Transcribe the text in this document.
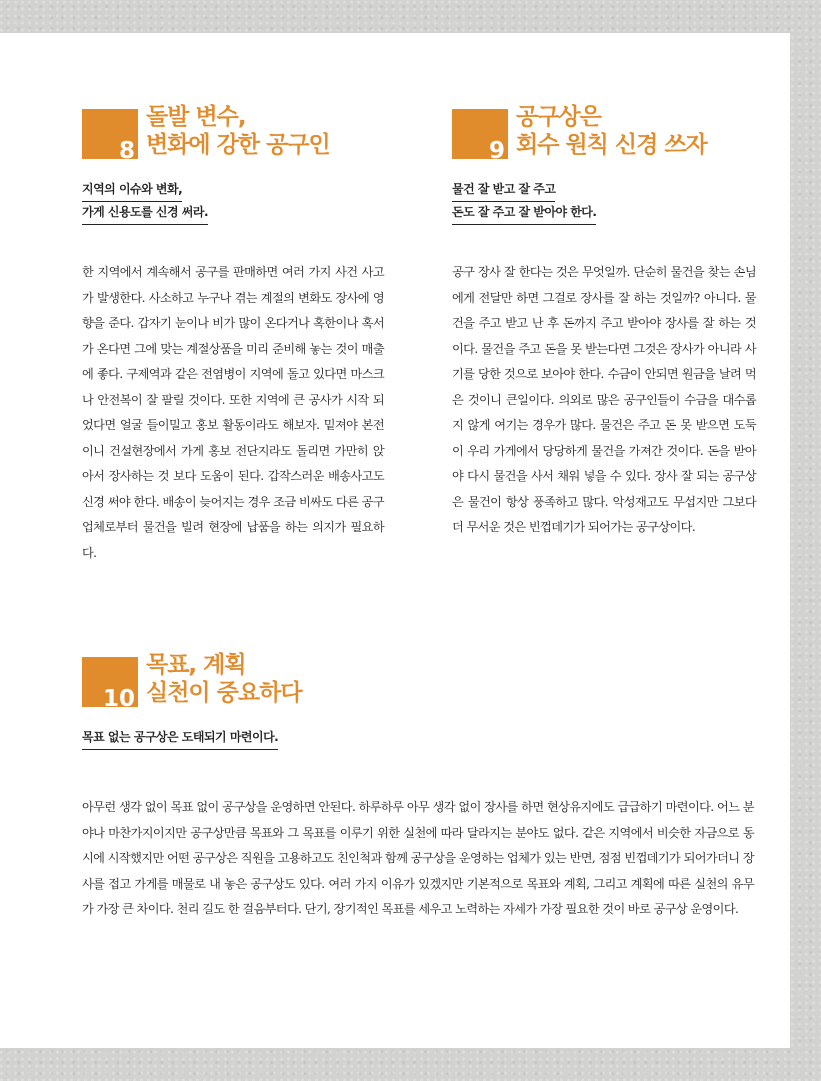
8
돌발 변수,
변화에 강한 공구인
지역의 이슈와 변화,
가게 신용도를 신경 써라.
한 지역에서 계속해서 공구를 판매하면 여러 가지 사건 사고가 발생한다. 사소하고 누구나 겪는 계절의 변화도 장사에 영향을 준다. 갑자기 눈이나 비가 많이 온다거나 혹한이나 혹서가 온다면 그에 맞는 계절상품을 미리 준비해 놓는 것이 매출에 좋다. 구제역과 같은 전염병이 지역에 돌고 있다면 마스크나 안전복이 잘 팔릴 것이다. 또한 지역에 큰 공사가 시작 되었다면 얼굴 들이밀고 홍보 활동이라도 해보자. 밑져야 본전이니 건설현장에서 가게 홍보 전단지라도 돌리면 가만히 앉아서 장사하는 것 보다 도움이 된다. 갑작스러운 배송사고도 신경 써야 한다. 배송이 늦어지는 경우 조금 비싸도 다른 공구업체로부터 물건을 빌려 현장에 납품을 하는 의지가 필요하다.
9
공구상은
회수 원칙 신경 쓰자
물건 잘 받고 잘 주고
돈도 잘 주고 잘 받아야 한다.
공구 장사 잘 한다는 것은 무엇일까. 단순히 물건을 찾는 손님에게 전달만 하면 그걸로 장사를 잘 하는 것일까? 아니다. 물건을 주고 받고 난 후 돈까지 주고 받아야 장사를 잘 하는 것이다. 물건을 주고 돈을 못 받는다면 그것은 장사가 아니라 사기를 당한 것으로 보아야 한다. 수금이 안되면 원금을 날려 먹은 것이니 큰일이다. 의외로 많은 공구인들이 수금을 대수롭지 않게 여기는 경우가 많다. 물건은 주고 돈 못 받으면 도둑이 우리 가게에서 당당하게 물건을 가져간 것이다. 돈을 받아야 다시 물건을 사서 채워 넣을 수 있다. 장사 잘 되는 공구상은 물건이 항상 풍족하고 많다. 악성재고도 무섭지만 그보다 더 무서운 것은 빈껍데기가 되어가는 공구상이다.
10
목표, 계획
실천이 중요하다
목표 없는 공구상은 도태되기 마련이다.
아무런 생각 없이 목표 없이 공구상을 운영하면 안된다. 하루하루 아무 생각 없이 장사를 하면 현상유지에도 급급하기 마련이다. 어느 분야나 마찬가지이지만 공구상만큼 목표와 그 목표를 이루기 위한 실천에 따라 달라지는 분야도 없다. 같은 지역에서 비슷한 자금으로 동시에 시작했지만 어떤 공구상은 직원을 고용하고도 친인척과 함께 공구상을 운영하는 업체가 있는 반면, 점점 빈껍데기가 되어가더니 장사를 접고 가게를 매물로 내 놓은 공구상도 있다. 여러 가지 이유가 있겠지만 기본적으로 목표와 계획, 그리고 계획에 따른 실천의 유무가 가장 큰 차이다. 천리 길도 한 걸음부터다. 단기, 장기적인 목표를 세우고 노력하는 자세가 가장 필요한 것이 바로 공구상 운영이다.
